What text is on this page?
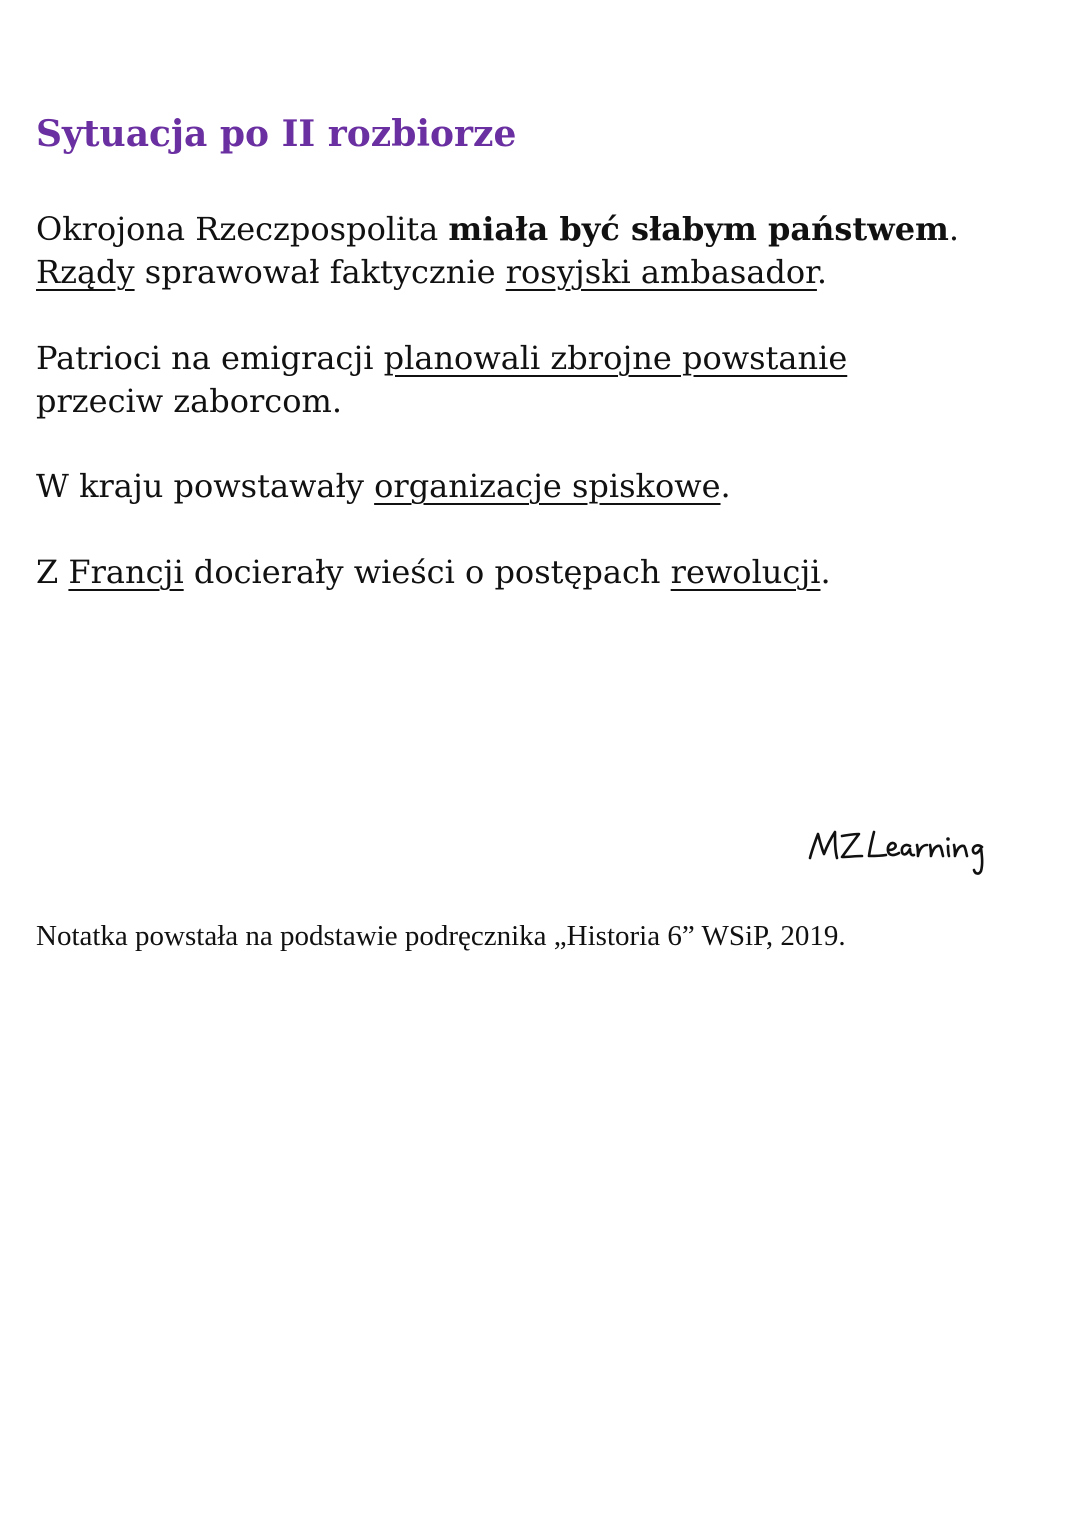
Sytuacja po II rozbiorze

Okrojona Rzeczpospolita miała być słabym państwem.
Rządy sprawował faktycznie rosyjski ambasador.

Patrioci na emigracji planowali zbrojne powstanie
przeciw zaborcom.

W kraju powstawały organizacje spiskowe.

Z Francji docierały wieści o postępach rewolucji.

Notatka powstała na podstawie podręcznika „Historia 6” WSiP, 2019.
